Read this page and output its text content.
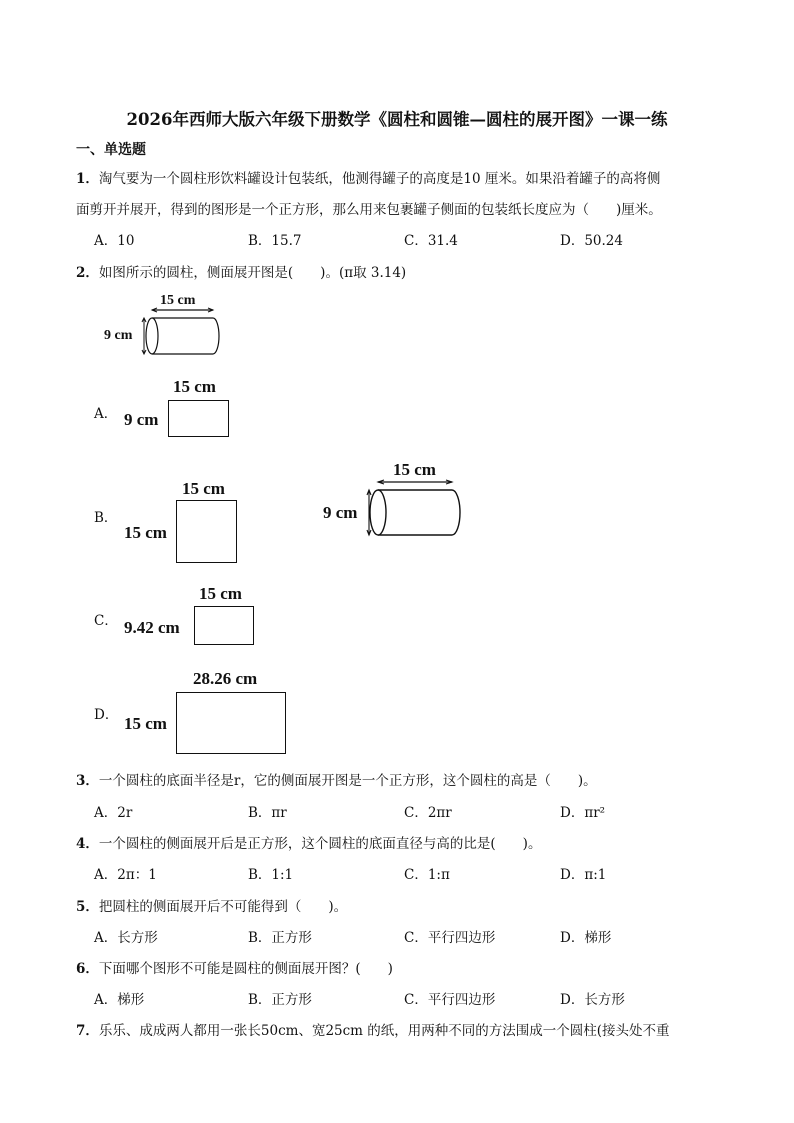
2026年西师大版六年级下册数学《圆柱和圆锥—圆柱的展开图》一课一练
一、单选题
1．淘气要为一个圆柱形饮料罐设计包装纸，他测得罐子的高度是10 厘米。如果沿着罐子的高将侧
面剪开并展开，得到的图形是一个正方形，那么用来包裹罐子侧面的包装纸长度应为（　　)厘米。
A．10	B．15.7	C．31.4	D．50.24
2．如图所示的圆柱，侧面展开图是(　　)。(π取 3.14)
15 cm
9 cm
A．
15 cm
9 cm
B．
15 cm
15 cm
15 cm
9 cm
C．
15 cm
9.42 cm
D．
28.26 cm
15 cm
3．一个圆柱的底面半径是r，它的侧面展开图是一个正方形，这个圆柱的高是（　　)。
A．2r	B．πr	C．2πr	D．πr²
4．一个圆柱的侧面展开后是正方形，这个圆柱的底面直径与高的比是(　　)。
A．2π：1	B．1:1	C．1:π	D．π:1
5．把圆柱的侧面展开后不可能得到（　　)。
A．长方形	B．正方形	C．平行四边形	D．梯形
6．下面哪个图形不可能是圆柱的侧面展开图？(　　)
A．梯形	B．正方形	C．平行四边形	D．长方形
7．乐乐、成成两人都用一张长50cm、宽25cm 的纸，用两种不同的方法围成一个圆柱(接头处不重
